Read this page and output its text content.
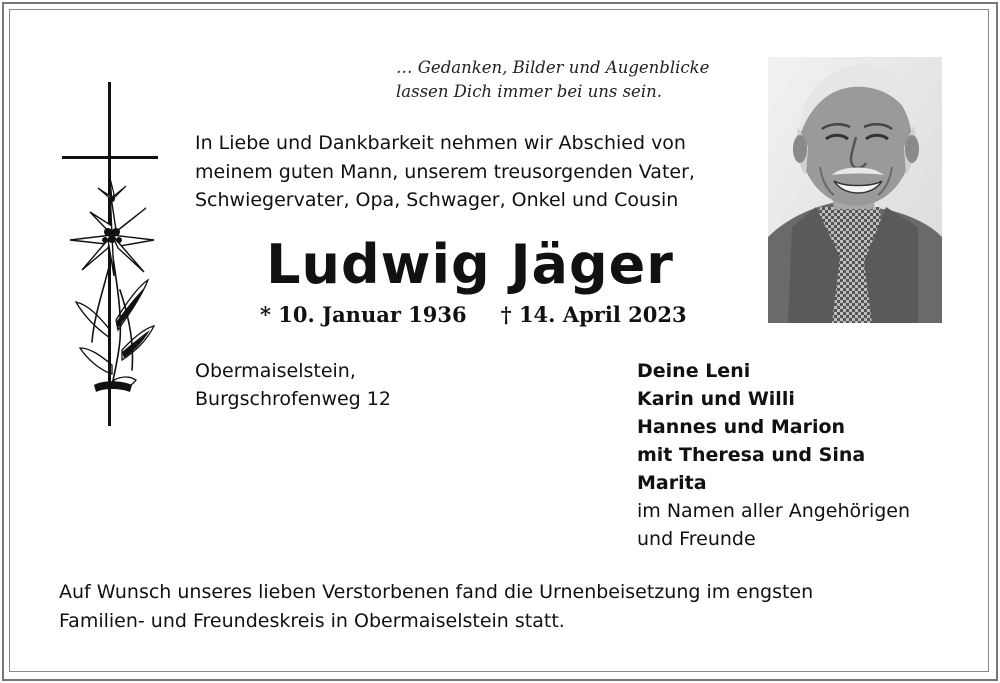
… Gedanken, Bilder und Augenblicke
lassen Dich immer bei uns sein.
In Liebe und Dankbarkeit nehmen wir Abschied von
meinem guten Mann, unserem treusorgenden Vater,
Schwiegervater, Opa, Schwager, Onkel und Cousin
Ludwig Jäger
* 10. Januar 1936 † 14. April 2023
Obermaiselstein,
Burgschrofenweg 12
Deine Leni
Karin und Willi
Hannes und Marion
mit Theresa und Sina
Marita
im Namen aller Angehörigen
und Freunde
Auf Wunsch unseres lieben Verstorbenen fand die Urnenbeisetzung im engsten
Familien- und Freundeskreis in Obermaiselstein statt.
